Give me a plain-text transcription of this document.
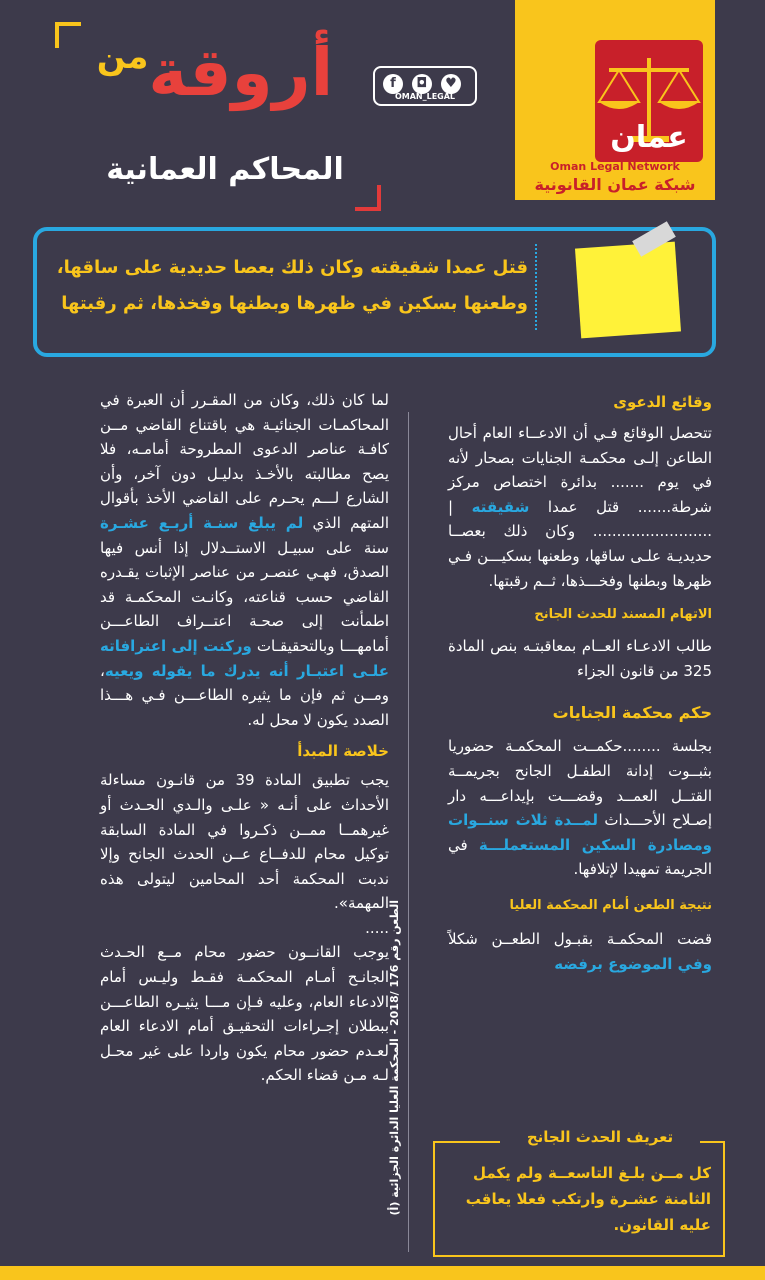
أروقة$^{من}$
المحاكم العمانية
f	◘	♥
OMAN_LEGAL
عمان
Oman Legal Network
شبكة عمان القانونية
قتل عمدا شقيقته وكان ذلك بعصا حديدية على ساقها،
وطعنها بسكين في ظهرها وبطنها وفخذها، ثم رقبتها

وقائع الدعوى

تتحصل الوقائع فـي أن الادعــاء العام أحال الطاعن إلـى محكمـة الجنايات بصحار لأنه في يوم ....... بدائرة اختصاص مركز شرطة....... قتل عمدا شقيقته | ......................... وكان ذلك بعصــا حديديـة علـى ساقها، وطعنها بسكيـــن فـي ظهرها وبطنها وفخـــذها، ثــم رقبتها.

الاتهام المسند للحدث الجانح

طالب الادعـاء العــام بمعاقبتـه بنص المادة 325 من قانون الجزاء

حكم محكمة الجنايات

بجلسة ........حكمــت المحكمـة حضوريا بثبــوت إدانة الطفـل الجانح بجريمــة القتــل العمــد وقضـــت بإيداعـــه دار إصـلاح الأحـــداث لمــدة ثلاث سنــوات ومصادرة السكين المستعملـــة في الجريمة تمهيدا لإتلافها.

نتيجة الطعن أمام المحكمة العليا

قضت المحكمـة بقبـول الطعــن شكلاً وفي الموضوع برفضه

تعريف الحدث الجانح
كل مــن بلـغ التاسعــة ولم يكمل الثامنة عشـرة وارتكب فعلا يعاقب عليه القانون.
الطعن رقم 176 /2018 - المحكمة العليا الدائرة الجزائية (أ)

لما كان ذلك، وكان من المقـرر أن العبرة في المحاكمـات الجنائيـة هي باقتناع القاضي مــن كافـة عناصر الدعوى المطروحة أمامـه، فلا يصح مطالبته بالأخـذ بدليـل دون آخر، وأن الشارع لـــم يحـرم على القاضي الأخذ بأقوال المتهم الذي لم يبلغ سنـة أربـع عشـرة سنة على سبيـل الاستــدلال إذا أنس فيها الصدق، فهـي عنصـر من عناصر الإثبات يقـدره القاضي حسب قناعته، وكانـت المحكمـة قد اطمأنت إلى صحـة اعتــراف الطاعـــن أمامهـــا وبالتحقيقـات وركنت إلى اعترافاته علـى اعتبـار أنه يدرك ما يقوله ويعيه، ومــن ثم فإن ما يثيره الطاعـــن فـي هـــذا الصدد يكون لا محل له.

خلاصة المبدأ

يجب تطبيق المادة 39 من قانـون مساءلة الأحداث على أنـه « علـى والـدي الحـدث أو غيرهمــا ممــن ذكـروا في المادة السابقة توكيل محام للدفــاع عــن الحدث الجانح وإلا ندبت المحكمة أحد المحامين ليتولى هذه المهمة».

.....

يوجب القانــون حضور محام مــع الحـدث الجانـح أمـام المحكمـة فقـط وليـس أمام الادعاء العام، وعليه فـإن مـــا يثيـره الطاعـــن ببطلان إجـراءات التحقيـق أمام الادعاء العام لعـدم حضور محام يكون واردا على غير محـل لـه مـن قضاء الحكم.
